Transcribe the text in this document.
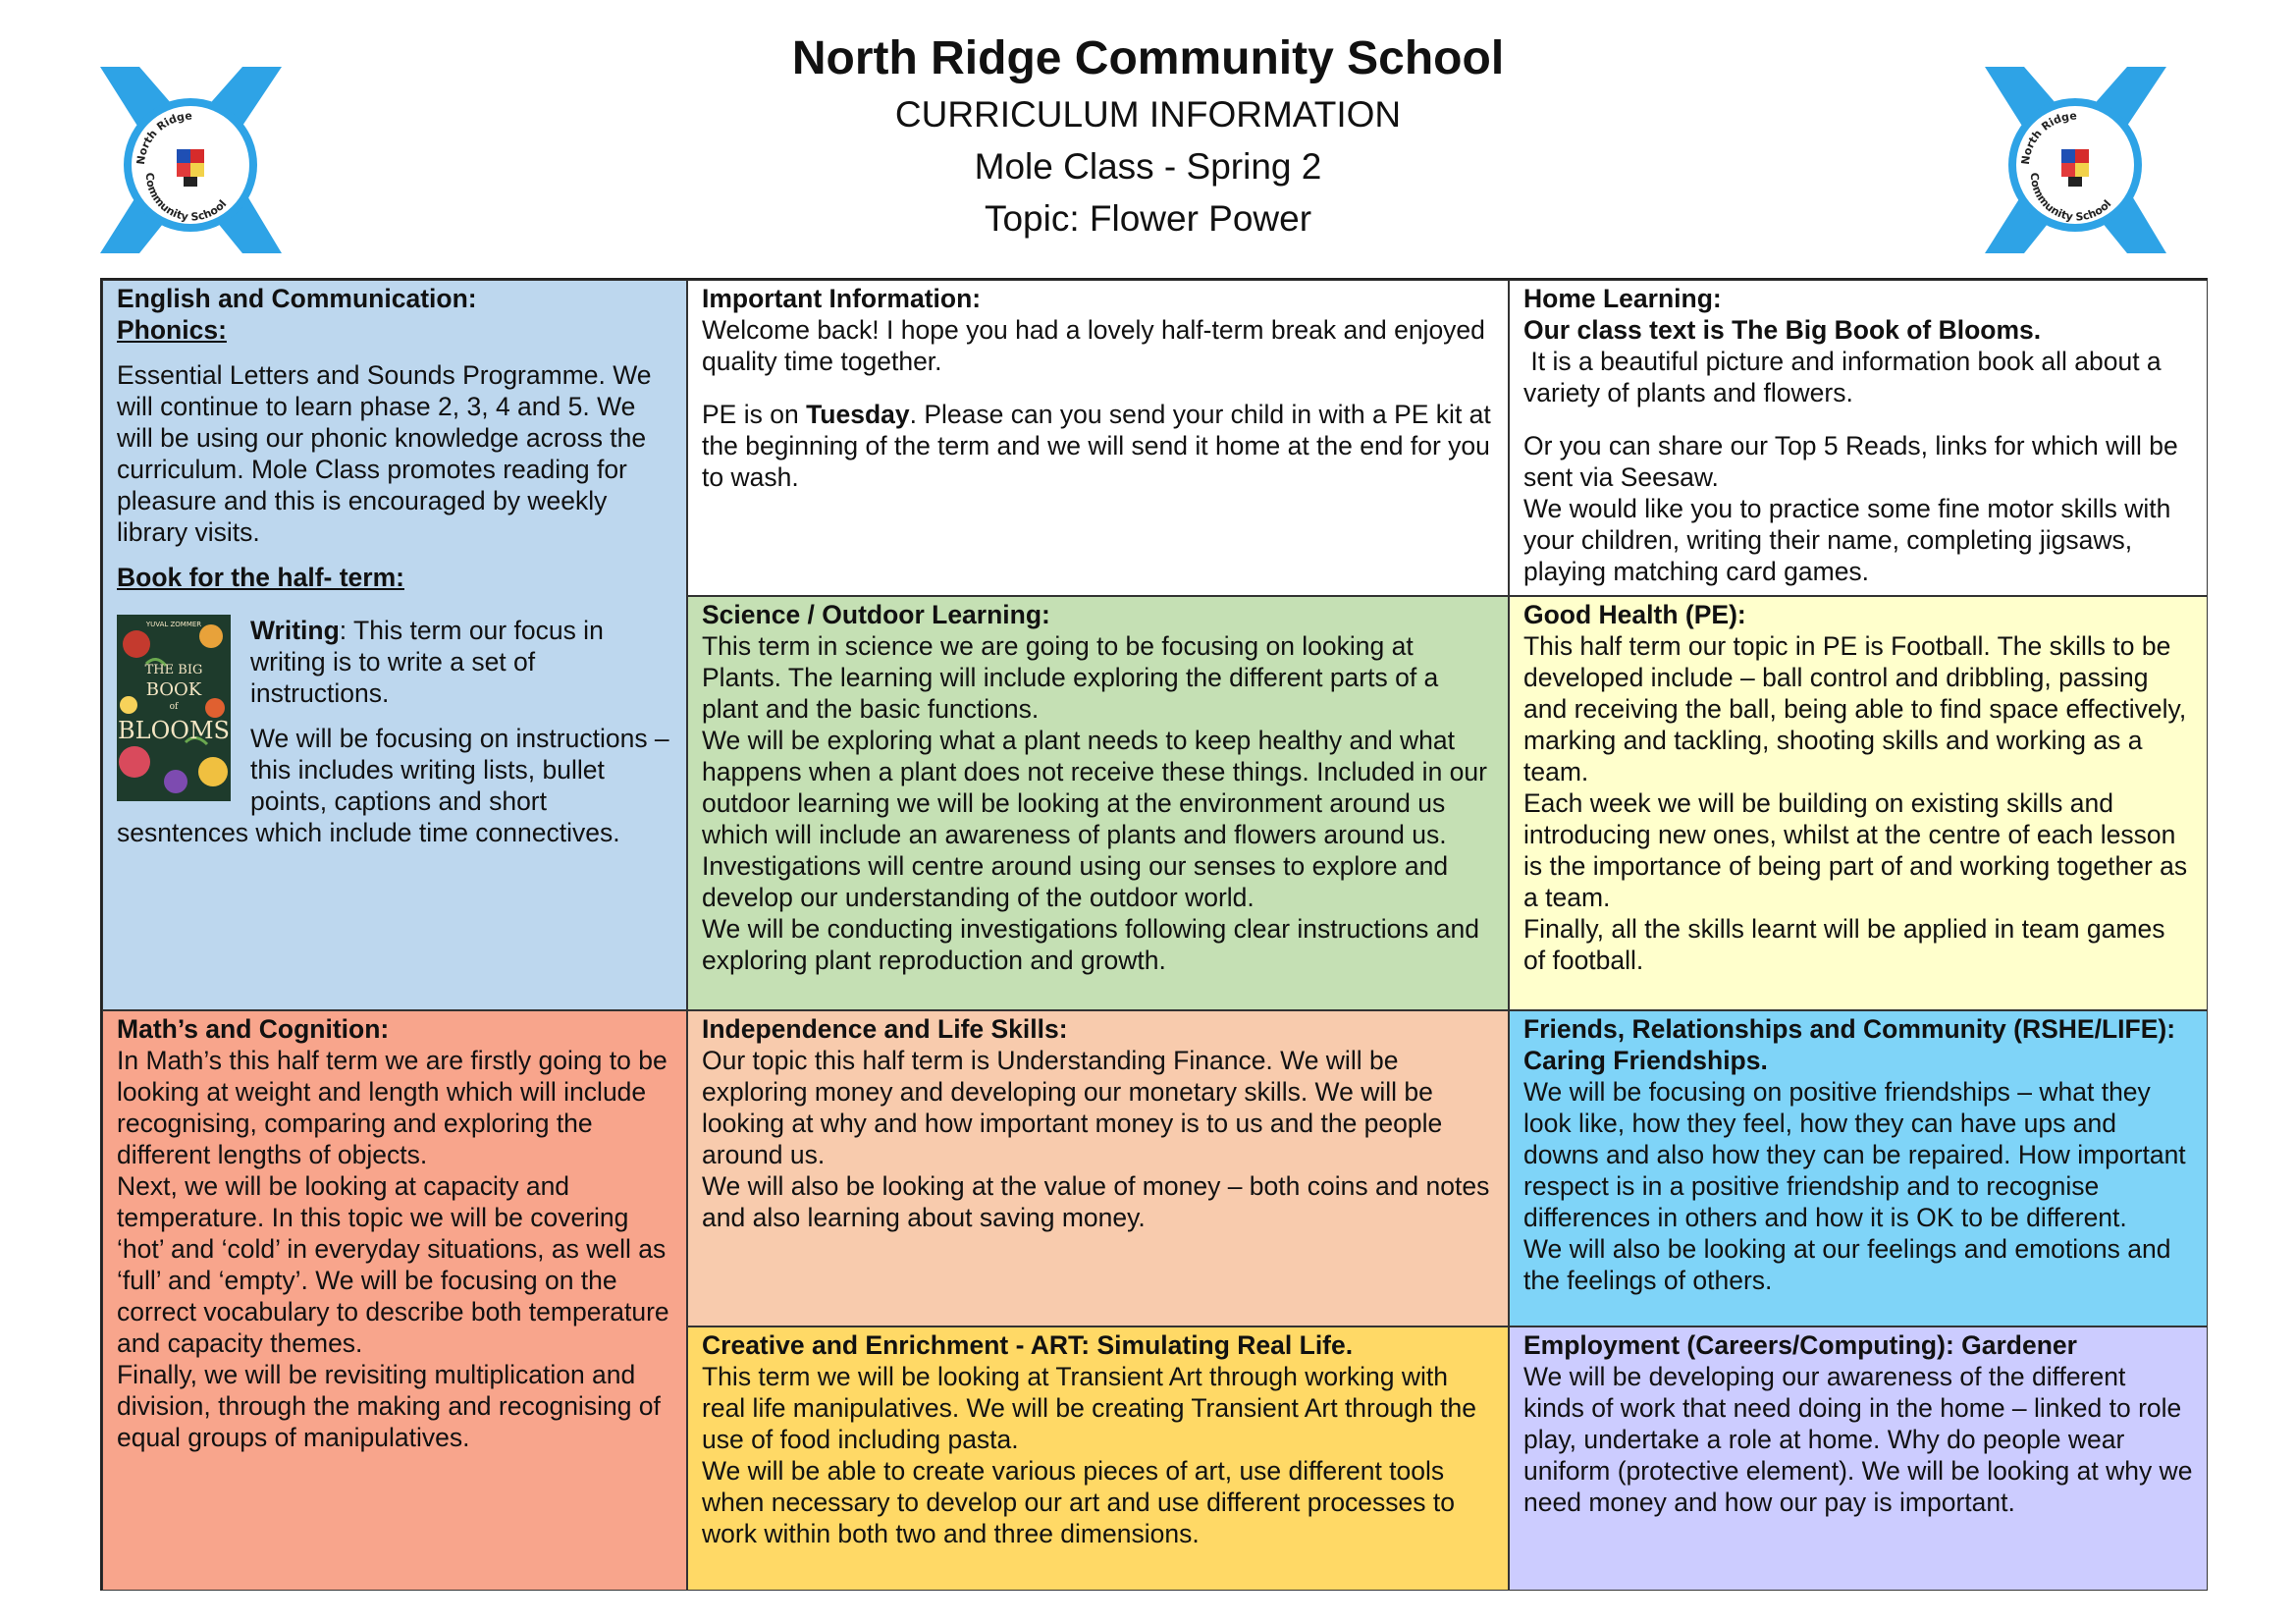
North Ridge Community School
CURRICULUM INFORMATION
Mole Class - Spring 2
Topic: Flower Power
North Ridge
Community School
North Ridge
Community School

English and Communication:

Phonics:

Essential Letters and Sounds Programme. We will continue to learn phase 2, 3, 4 and 5. We will be using our phonic knowledge across the curriculum. Mole Class promotes reading for pleasure and this is encouraged by weekly library visits.

Book for the half- term:

YUVAL ZOMMER
THE BIG
BOOK
of
BLOOMS

Writing: This term our focus in writing is to write a set of instructions.

We will be focusing on instructions – this includes writing lists, bullet points, captions and short sesntences which include time connectives.

Important Information:

Welcome back! I hope you had a lovely half-term break and enjoyed quality time together.

PE is on Tuesday. Please can you send your child in with a PE kit at the beginning of the term and we will send it home at the end for you to wash.

Home Learning:

Our class text is The Big Book of Blooms.

It is a beautiful picture and information book all about a variety of plants and flowers.

Or you can share our Top 5 Reads, links for which will be sent via Seesaw.

We would like you to practice some fine motor skills with your children, writing their name, completing jigsaws, playing matching card games.

Science / Outdoor Learning:

This term in science we are going to be focusing on looking at Plants. The learning will include exploring the different parts of a plant and the basic functions.

We will be exploring what a plant needs to keep healthy and what happens when a plant does not receive these things. Included in our outdoor learning we will be looking at the environment around us which will include an awareness of plants and flowers around us. Investigations will centre around using our senses to explore and develop our understanding of the outdoor world.

We will be conducting investigations following clear instructions and exploring plant reproduction and growth.

Good Health (PE):

This half term our topic in PE is Football. The skills to be developed include – ball control and dribbling, passing and receiving the ball, being able to find space effectively, marking and tackling, shooting skills and working as a team.

Each week we will be building on existing skills and introducing new ones, whilst at the centre of each lesson is the importance of being part of and working together as a team.

Finally, all the skills learnt will be applied in team games of football.

Math’s and Cognition:

In Math’s this half term we are firstly going to be looking at weight and length which will include recognising, comparing and exploring the different lengths of objects.

Next, we will be looking at capacity and temperature. In this topic we will be covering ‘hot’ and ‘cold’ in everyday situations, as well as ‘full’ and ‘empty’. We will be focusing on the correct vocabulary to describe both temperature and capacity themes.

Finally, we will be revisiting multiplication and division, through the making and recognising of equal groups of manipulatives.

Independence and Life Skills:

Our topic this half term is Understanding Finance. We will be exploring money and developing our monetary skills. We will be looking at why and how important money is to us and the people around us.

We will also be looking at the value of money – both coins and notes and also learning about saving money.

Friends, Relationships and Community (RSHE/LIFE): Caring Friendships.

We will be focusing on positive friendships – what they look like, how they feel, how they can have ups and downs and also how they can be repaired. How important respect is in a positive friendship and to recognise differences in others and how it is OK to be different.

We will also be looking at our feelings and emotions and the feelings of others.

Creative and Enrichment - ART: Simulating Real Life.

This term we will be looking at Transient Art through working with real life manipulatives. We will be creating Transient Art through the use of food including pasta.

We will be able to create various pieces of art, use different tools when necessary to develop our art and use different processes to work within both two and three dimensions.

Employment (Careers/Computing): Gardener

We will be developing our awareness of the different kinds of work that need doing in the home – linked to role play, undertake a role at home. Why do people wear uniform (protective element). We will be looking at why we need money and how our pay is important.
